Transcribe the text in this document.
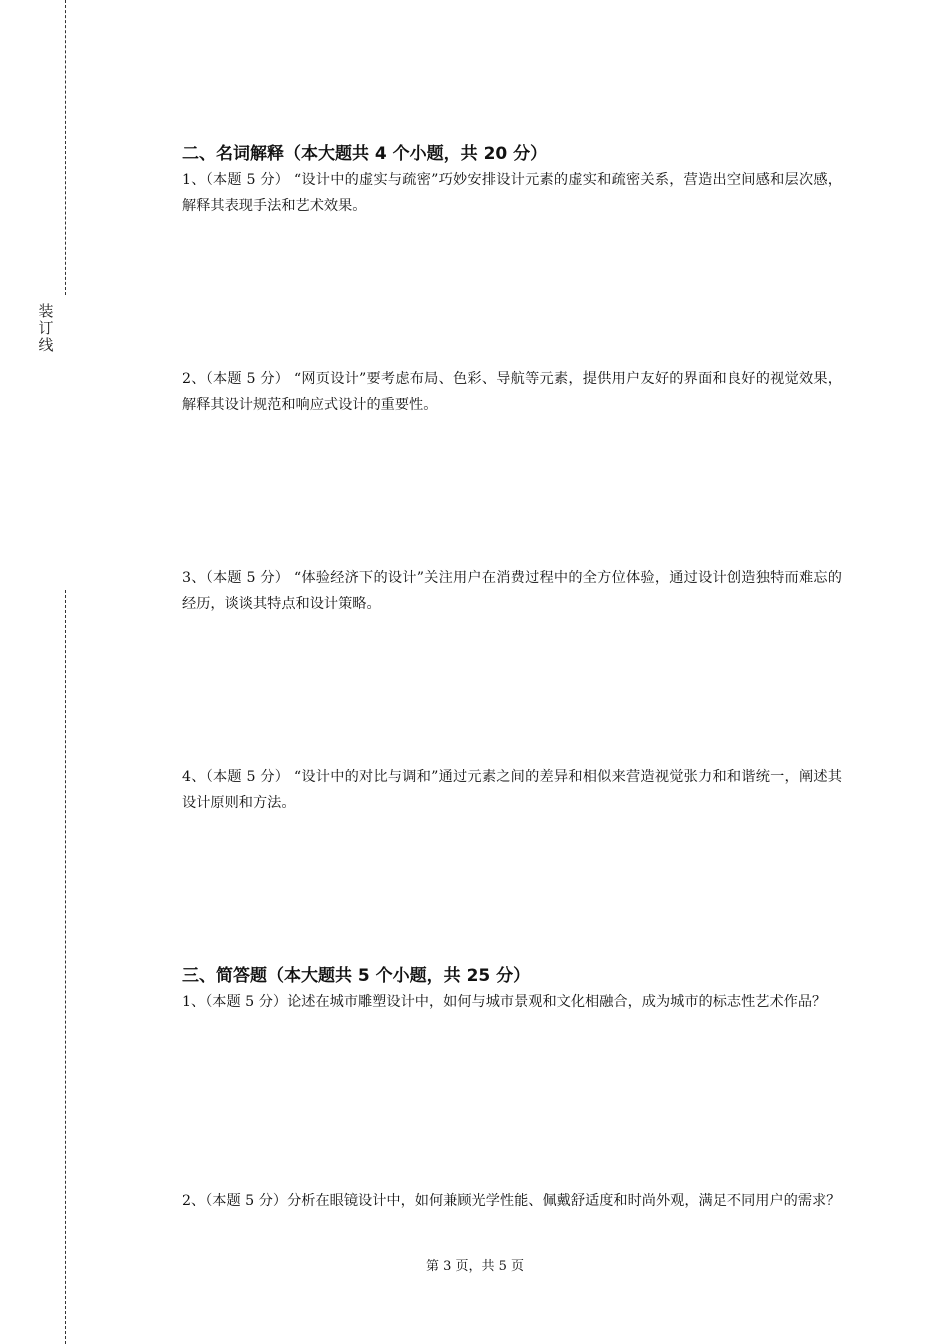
装
订
线
二、名词解释（本大题共 4 个小题，共 20 分）
1、（本题 5 分） “设计中的虚实与疏密”巧妙安排设计元素的虚实和疏密关系，营造出空间感和层次感，解释其表现手法和艺术效果。
2、（本题 5 分） “网页设计”要考虑布局、色彩、导航等元素，提供用户友好的界面和良好的视觉效果，解释其设计规范和响应式设计的重要性。
3、（本题 5 分） “体验经济下的设计”关注用户在消费过程中的全方位体验，通过设计创造独特而难忘的经历，谈谈其特点和设计策略。
4、（本题 5 分） “设计中的对比与调和”通过元素之间的差异和相似来营造视觉张力和和谐统一，阐述其设计原则和方法。
三、简答题（本大题共 5 个小题，共 25 分）
1、（本题 5 分）论述在城市雕塑设计中，如何与城市景观和文化相融合，成为城市的标志性艺术作品？
2、（本题 5 分）分析在眼镜设计中，如何兼顾光学性能、佩戴舒适度和时尚外观，满足不同用户的需求？
第 3 页，共 5 页
